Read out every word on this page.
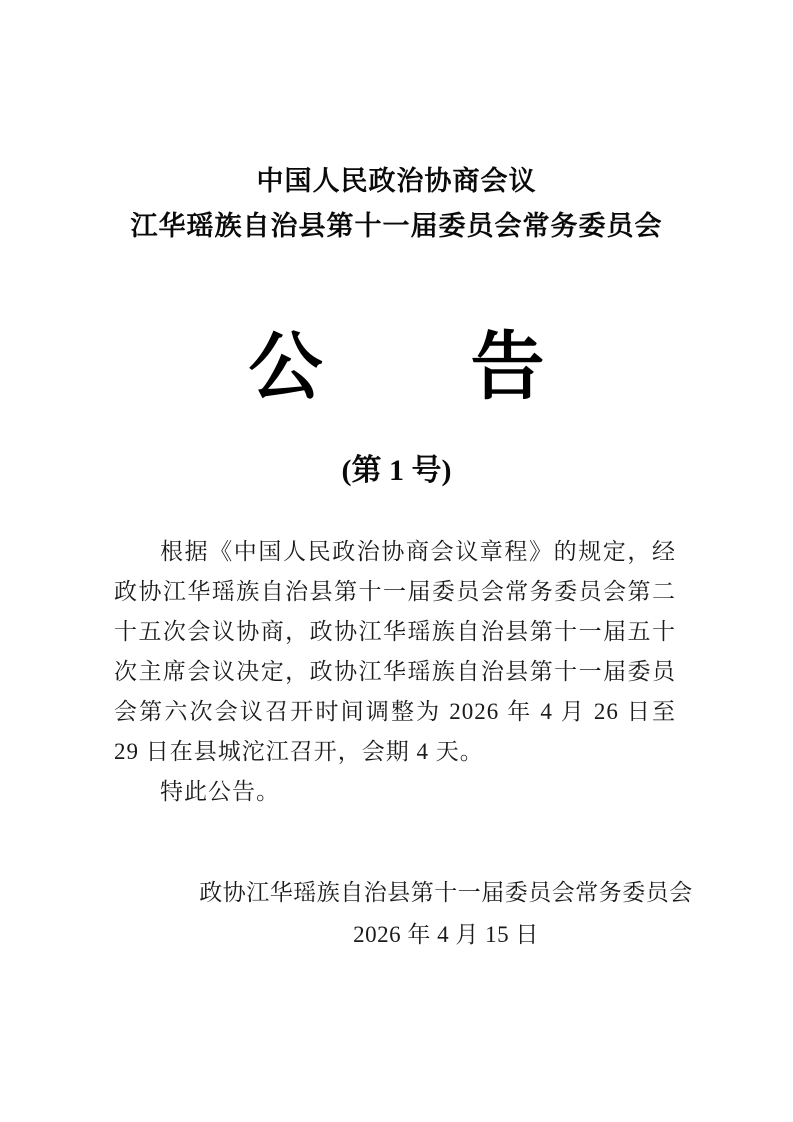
中国人民政治协商会议
江华瑶族自治县第十一届委员会常务委员会
公　　告
(第 1 号)

根据《中国人民政治协商会议章程》的规定，经政协江华瑶族自治县第十一届委员会常务委员会第二十五次会议协商，政协江华瑶族自治县第十一届五十次主席会议决定，政协江华瑶族自治县第十一届委员会第六次会议召开时间调整为 2026 年 4 月 26 日至 29 日在县城沱江召开，会期 4 天。

特此公告。

政协江华瑶族自治县第十一届委员会常务委员会
2026 年 4 月 15 日
